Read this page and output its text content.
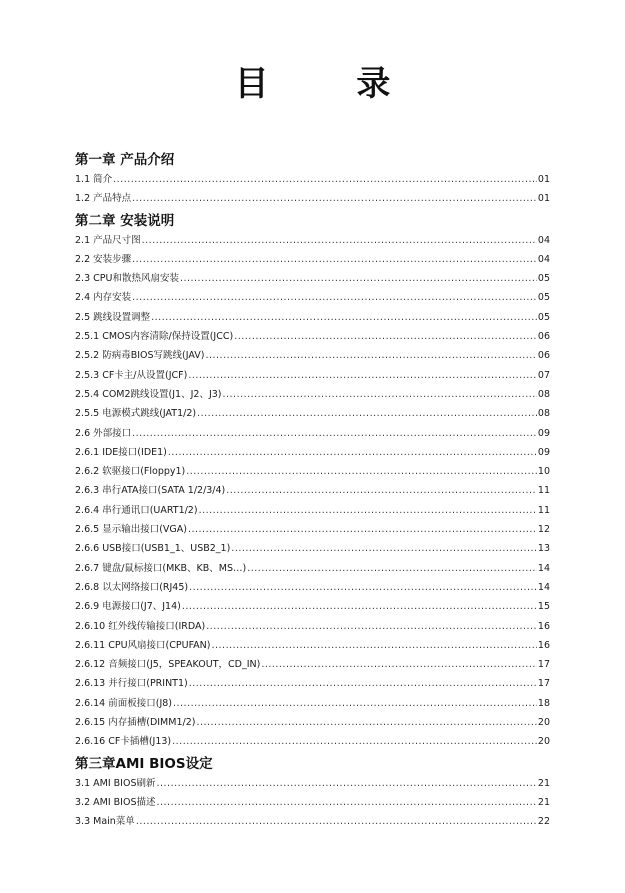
目 录
第一章 产品介绍
1.1 简介 .....	01
1.2 产品特点 .....	01
第二章 安装说明
2.1 产品尺寸图 .....	04
2.2 安装步骤 .....	04
2.3 CPU和散热风扇安装 .....	05
2.4 内存安装 .....	05
2.5 跳线设置调整 .....	05
2.5.1 CMOS内容清除/保持设置(JCC) .....	06
2.5.2 防病毒BIOS写跳线(JAV) .....	06
2.5.3 CF卡主/从设置(JCF) .....	07
2.5.4 COM2跳线设置(J1、J2、J3) .....	08
2.5.5 电源模式跳线(JAT1/2) .....	08
2.6 外部接口 .....	09
2.6.1 IDE接口(IDE1) .....	09
2.6.2 软驱接口(Floppy1) .....	10
2.6.3 串行ATA接口(SATA 1/2/3/4) .....	11
2.6.4 串行通讯口(UART1/2) .....	11
2.6.5 显示输出接口(VGA) .....	12
2.6.6 USB接口(USB1_1、USB2_1) .....	13
2.6.7 键盘/鼠标接口(MKB、KB、MS…) .....	14
2.6.8 以太网络接口(RJ45) .....	14
2.6.9 电源接口(J7、J14) .....	15
2.6.10 红外线传输接口(IRDA) .....	16
2.6.11 CPU风扇接口(CPUFAN) .....	16
2.6.12 音频接口(J5，SPEAKOUT，CD_IN) .....	17
2.6.13 并行接口(PRINT1) .....	17
2.6.14 前面板接口(J8) .....	18
2.6.15 内存插槽(DIMM1/2) .....	20
2.6.16 CF卡插槽(J13) .....	20
第三章AMI BIOS设定
3.1 AMI BIOS刷新 .....	21
3.2 AMI BIOS描述 .....	21
3.3 Main菜单 .....	22
